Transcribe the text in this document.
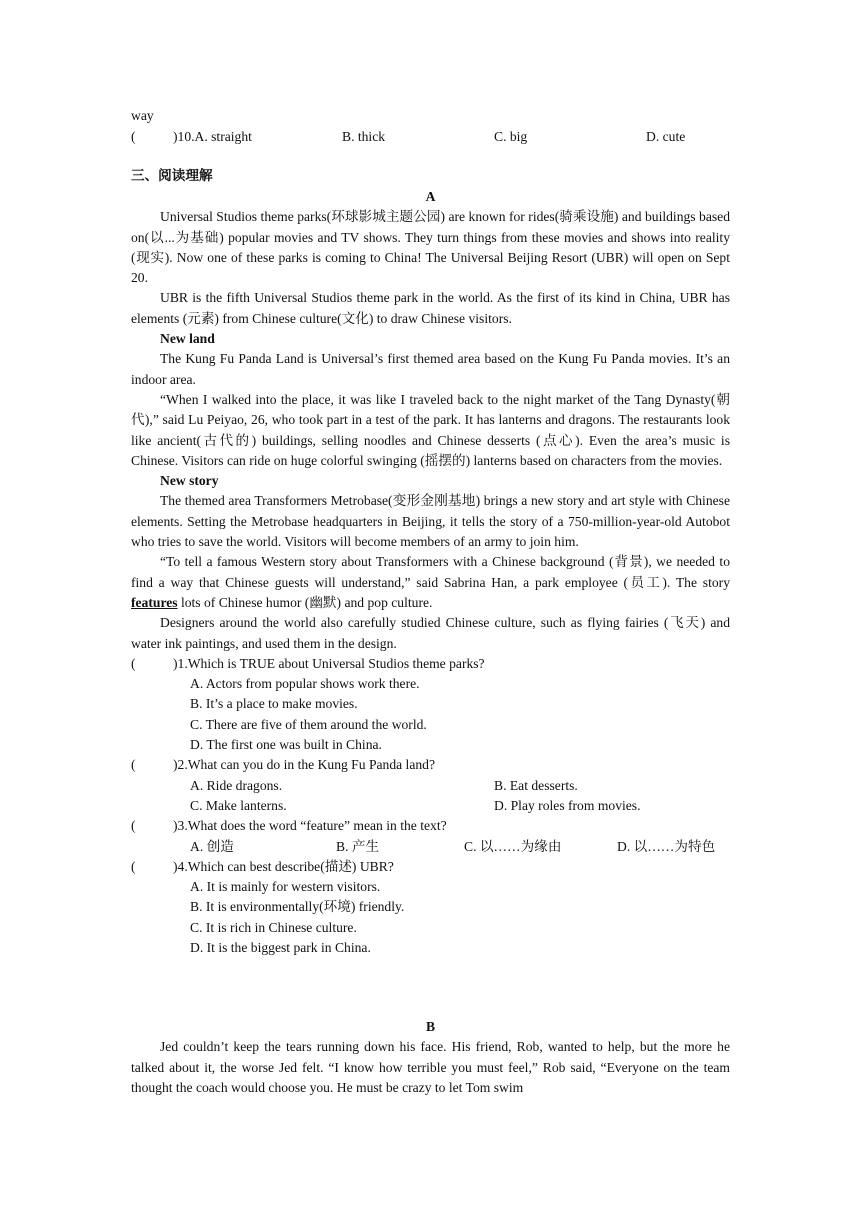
way
(	)10.A. straight	B. thick	C. big	D. cute
三、阅读理解

A

Universal Studios theme parks(环球影城主题公园) are known for rides(骑乘设施) and buildings based on(以...为基础) popular movies and TV shows. They turn things from these movies and shows into reality (现实). Now one of these parks is coming to China! The Universal Beijing Resort (UBR) will open on Sept 20.

UBR is the fifth Universal Studios theme park in the world. As the first of its kind in China, UBR has elements (元素) from Chinese culture(文化) to draw Chinese visitors.

New land

The Kung Fu Panda Land is Universal’s first themed area based on the Kung Fu Panda movies. It’s an indoor area.

“When I walked into the place, it was like I traveled back to the night market of the Tang Dynasty(朝代),” said Lu Peiyao, 26, who took part in a test of the park. It has lanterns and dragons. The restaurants look like ancient(古代的) buildings, selling noodles and Chinese desserts (点心). Even the area’s music is Chinese. Visitors can ride on huge colorful swinging (摇摆的) lanterns based on characters from the movies.

New story

The themed area Transformers Metrobase(变形金刚基地) brings a new story and art style with Chinese elements. Setting the Metrobase headquarters in Beijing, it tells the story of a 750-million-year-old Autobot who tries to save the world. Visitors will become members of an army to join him.

“To tell a famous Western story about Transformers with a Chinese background (背景), we needed to find a way that Chinese guests will understand,” said Sabrina Han, a park employee (员工). The story features lots of Chinese humor (幽默) and pop culture.

Designers around the world also carefully studied Chinese culture, such as flying fairies (飞天) and water ink paintings, and used them in the design.

(	)1.Which is TRUE about Universal Studios theme parks?
A. Actors from popular shows work there.
B. It’s a place to make movies.
C. There are five of them around the world.
D. The first one was built in China.
(	)2.What can you do in the Kung Fu Panda land?
A. Ride dragons.	B. Eat desserts.
C. Make lanterns.	D. Play roles from movies.
(	)3.What does the word “feature” mean in the text?
A. 创造	B. 产生	C. 以……为缘由	D. 以……为特色
(	)4.Which can best describe(描述) UBR?
A. It is mainly for western visitors.
B. It is environmentally(环境) friendly.
C. It is rich in Chinese culture.
D. It is the biggest park in China.

B

Jed couldn’t keep the tears running down his face. His friend, Rob, wanted to help, but the more he talked about it, the worse Jed felt. “I know how terrible you must feel,” Rob said, “Everyone on the team thought the coach would choose you. He must be crazy to let Tom swim
